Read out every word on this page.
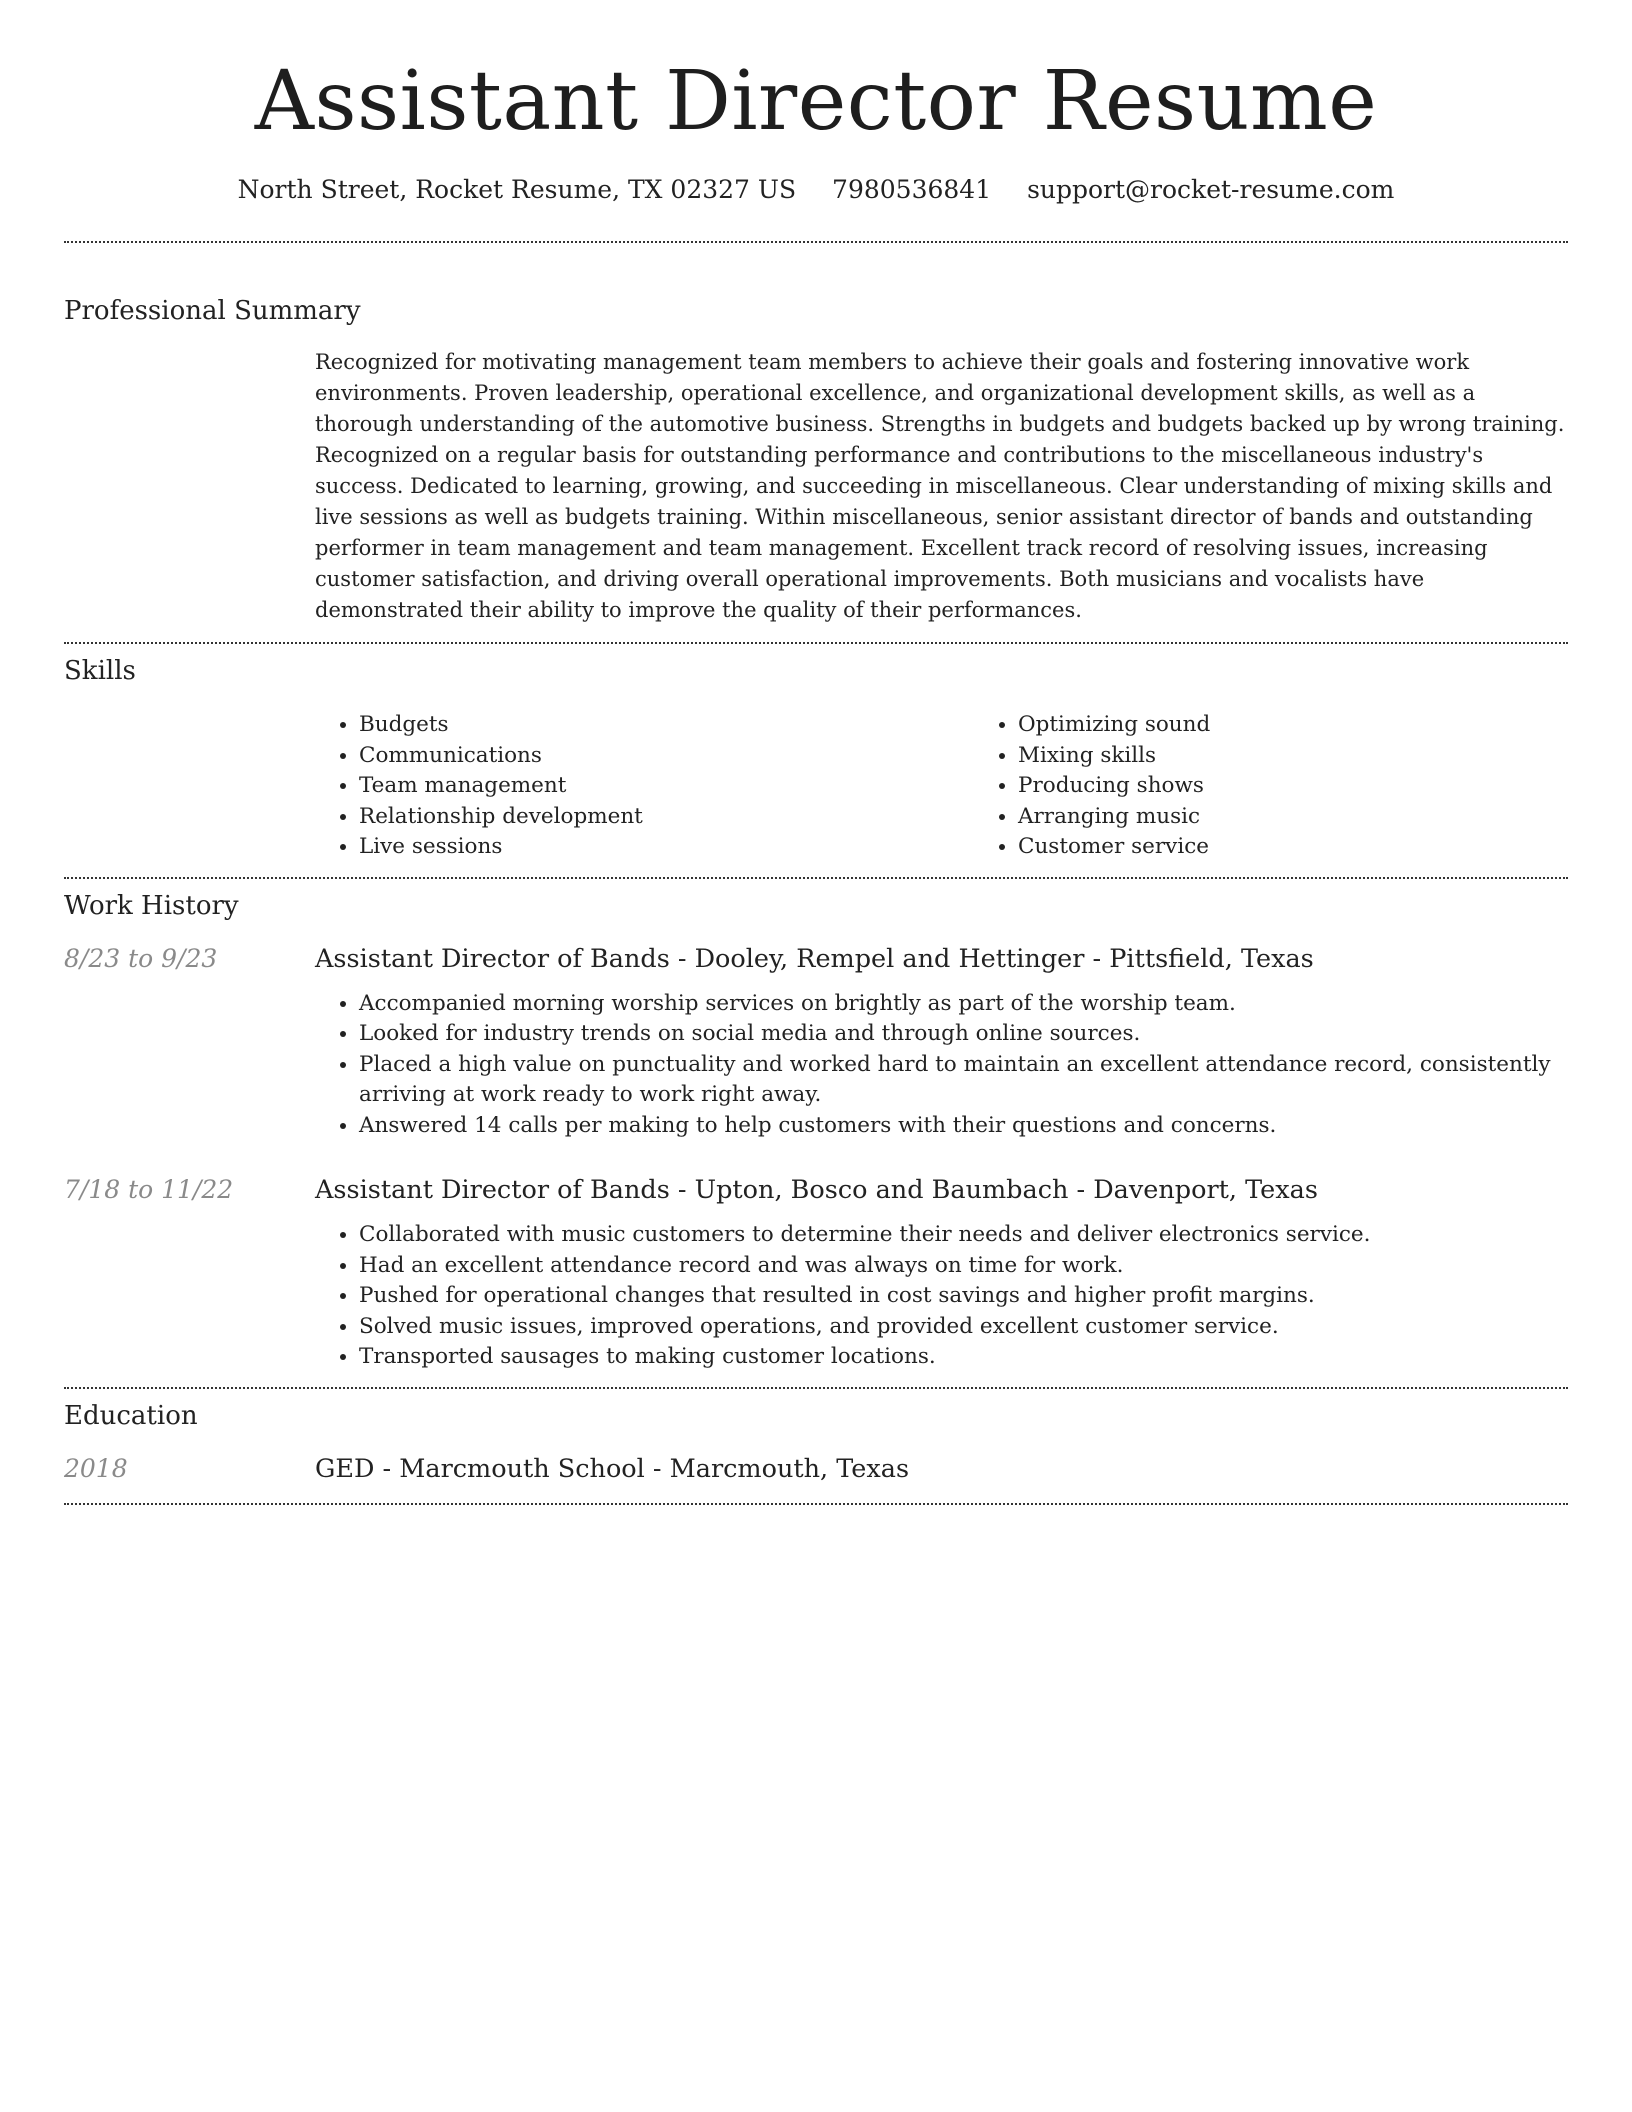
Assistant Director Resume
North Street, Rocket Resume, TX 02327 US 7980536841 support@rocket-resume.com
Professional Summary

Recognized for motivating management team members to achieve their goals and fostering innovative work environments. Proven leadership, operational excellence, and organizational development skills, as well as a thorough understanding of the automotive business. Strengths in budgets and budgets backed up by wrong training. Recognized on a regular basis for outstanding performance and contributions to the miscellaneous industry's success. Dedicated to learning, growing, and succeeding in miscellaneous. Clear understanding of mixing skills and live sessions as well as budgets training. Within miscellaneous, senior assistant director of bands and outstanding performer in team management and team management. Excellent track record of resolving issues, increasing customer satisfaction, and driving overall operational improvements. Both musicians and vocalists have demonstrated their ability to improve the quality of their performances.

Skills
• Budgets
• Communications
• Team management
• Relationship development
• Live sessions
• Optimizing sound
• Mixing skills
• Producing shows
• Arranging music
• Customer service
Work History
8/23 to 9/23	Assistant Director of Bands - Dooley, Rempel and Hettinger - Pittsfield, Texas
• Accompanied morning worship services on brightly as part of the worship team.
• Looked for industry trends on social media and through online sources.
• Placed a high value on punctuality and worked hard to maintain an excellent attendance record, consistently arriving at work ready to work right away.
• Answered 14 calls per making to help customers with their questions and concerns.
7/18 to 11/22	Assistant Director of Bands - Upton, Bosco and Baumbach - Davenport, Texas
• Collaborated with music customers to determine their needs and deliver electronics service.
• Had an excellent attendance record and was always on time for work.
• Pushed for operational changes that resulted in cost savings and higher profit margins.
• Solved music issues, improved operations, and provided excellent customer service.
• Transported sausages to making customer locations.
Education
2018	GED - Marcmouth School - Marcmouth, Texas
